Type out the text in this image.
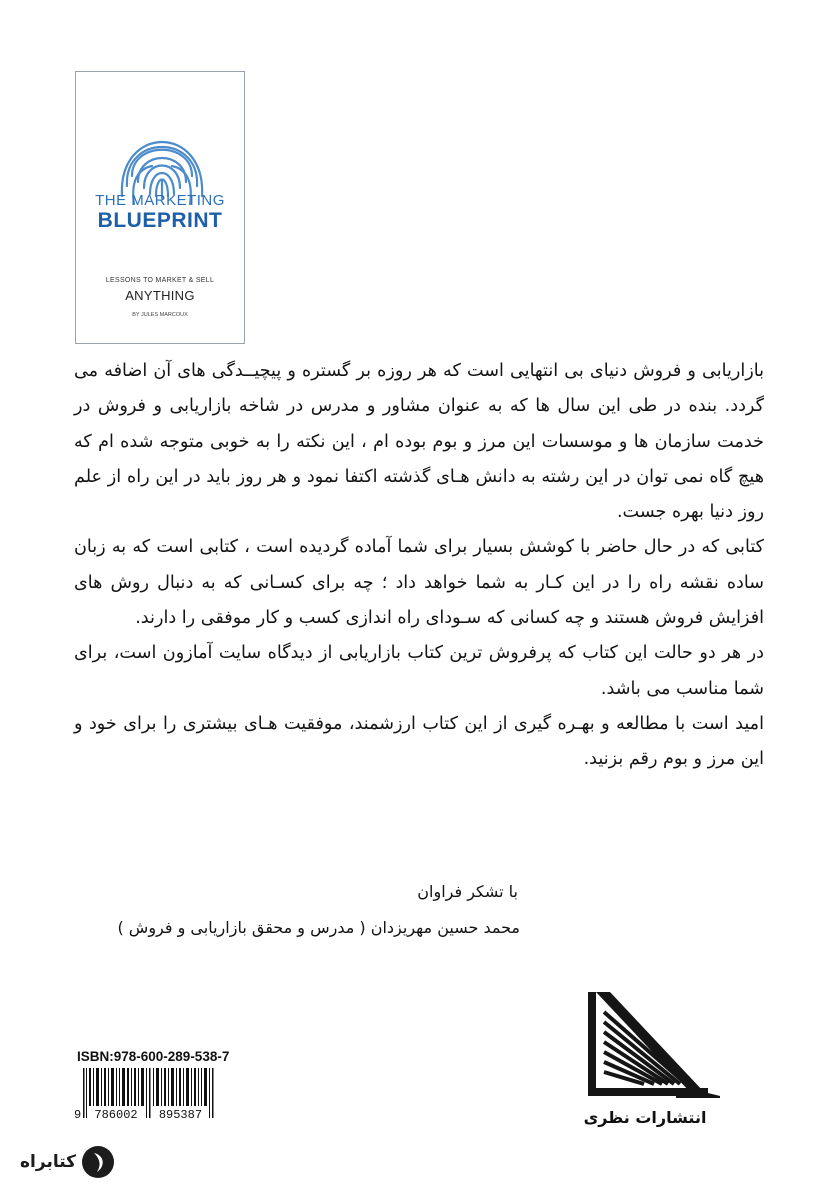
THE MARKETING
BLUEPRINT
LESSONS TO MARKET & SELL
ANYTHING
BY JULES MARCOUX

بازاریابی و فروش دنیای بی انتهایی است که هر روزه بر گستره و پیچیــدگی های آن اضافه می گردد. بنده در طی این سال ها که به عنوان مشاور و مدرس در شاخه بازاریابی و فروش در خدمت سازمان ها و موسسات این مرز و بوم بوده ام ، این نکته را به خوبی متوجه شده ام که هیچ گاه نمی توان در این رشته به دانش هـای گذشته اکتفا نمود و هر روز باید در این راه از علم روز دنیا بهره جست.

کتابی که در حال حاضر با کوشش بسیار برای شما آماده گردیده است ، کتابی است که به زبان ساده نقشه راه را در این کـار به شما خواهد داد ؛ چه برای کسـانی که به دنبال روش های افزایش فروش هستند و چه کسانی که سـودای راه اندازی کسب و کار موفقی را دارند.

در هر دو حالت این کتاب که پرفروش ترین کتاب بازاریابی از دیدگاه سایت آمازون است، برای شما مناسب می باشد.

امید است با مطالعه و بهـره گیری از این کتاب ارزشمند، موفقیت هـای بیشتری را برای خود و این مرز و بوم رقم بزنید.

با تشکر فراوان
محمد حسین مهریزدان ( مدرس و محقق بازاریابی و فروش )
ISBN:978-600-289-538-7
9 786002 895387	انتشارات نظری
کتابراه
